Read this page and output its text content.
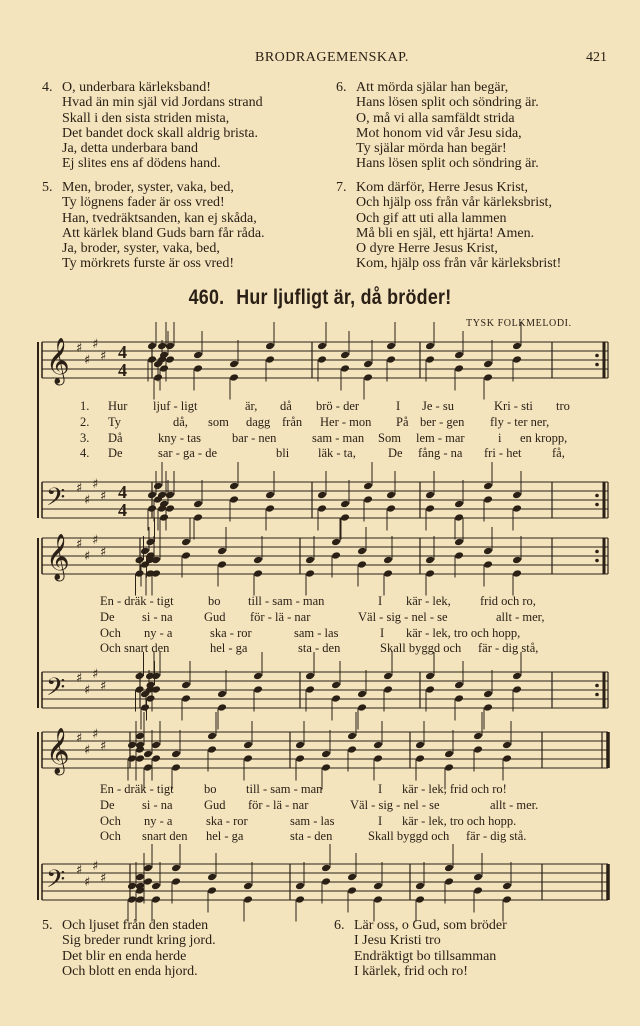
BRODRAGEMENSKAP.	421
4. O, underbara kärleksband!
Hvad än min själ vid Jordans strand
Skall i den sista striden mista,
Det bandet dock skall aldrig brista.
Ja, detta underbara band
Ej slites ens af dödens hand.
6. Att mörda själar han begär,
Hans lösen split och söndring är.
O, må vi alla samfäldt strida
Mot honom vid vår Jesu sida,
Ty själar mörda han begär!
Hans lösen split och söndring är.
5. Men, broder, syster, vaka, bed,
Ty lögnens fader är oss vred!
Han, tvedräktsanden, kan ej skåda,
Att kärlek bland Guds barn får råda.
Ja, broder, syster, vaka, bed,
Ty mörkrets furste är oss vred!
7. Kom därför, Herre Jesus Krist,
Och hjälp oss från vår kärleksbrist,
Och gif att uti alla lammen
Må bli en själ, ett hjärta! Amen.
O dyre Herre Jesus Krist,
Kom, hjälp oss från vår kärleksbrist!
460. Hur ljufligt är, då bröder!
TYSK FOLKMELODI.
𝄞 ♯
♯
♯
♯ 4
4
𝄢 ♯
♯
♯
♯ 4
4
𝄞 ♯
♯
♯
♯
𝄢 ♯
♯
♯
♯
𝄞 ♯
♯
♯
♯
𝄢 ♯
♯
♯
♯
1. Hur ljuf - ligt	är, då brö - der	I Je - su	Kri - sti tro
2. Ty	då, som dagg från Her - mon På ber - gen fly - ter ner,
3. Då	kny - tas bar - nen	sam - man Som lem - mar	i en kropp,
4. De	sar - ga - de	bli läk - ta,	De fång - na fri - het få,
En - dräk - tigt	bo till - sam - man	I kär - lek, frid och ro,
De si - na	Gud för - lä - nar	Väl - sig - nel - se	allt - mer,
Och ny - a	ska - ror	sam - las	I kär - lek, tro och hopp,
Och snart den	hel - ga	sta - den	Skall byggd och fär - dig stå,
En - dräk - tigt bo till - sam - man	I kär - lek, frid och ro!
De si - na	Gud för - lä - nar	Väl - sig - nel - se	allt - mer.
Och ny - a	ska - ror	sam - las	I kär - lek, tro och hopp.
Och snart den hel - ga	sta - den	Skall byggd och fär - dig stå.
5. Och ljuset från den staden
Sig breder rundt kring jord.
Det blir en enda herde
Och blott en enda hjord.
6. Lär oss, o Gud, som bröder
I Jesu Kristi tro
Endräktigt bo tillsamman
I kärlek, frid och ro!
